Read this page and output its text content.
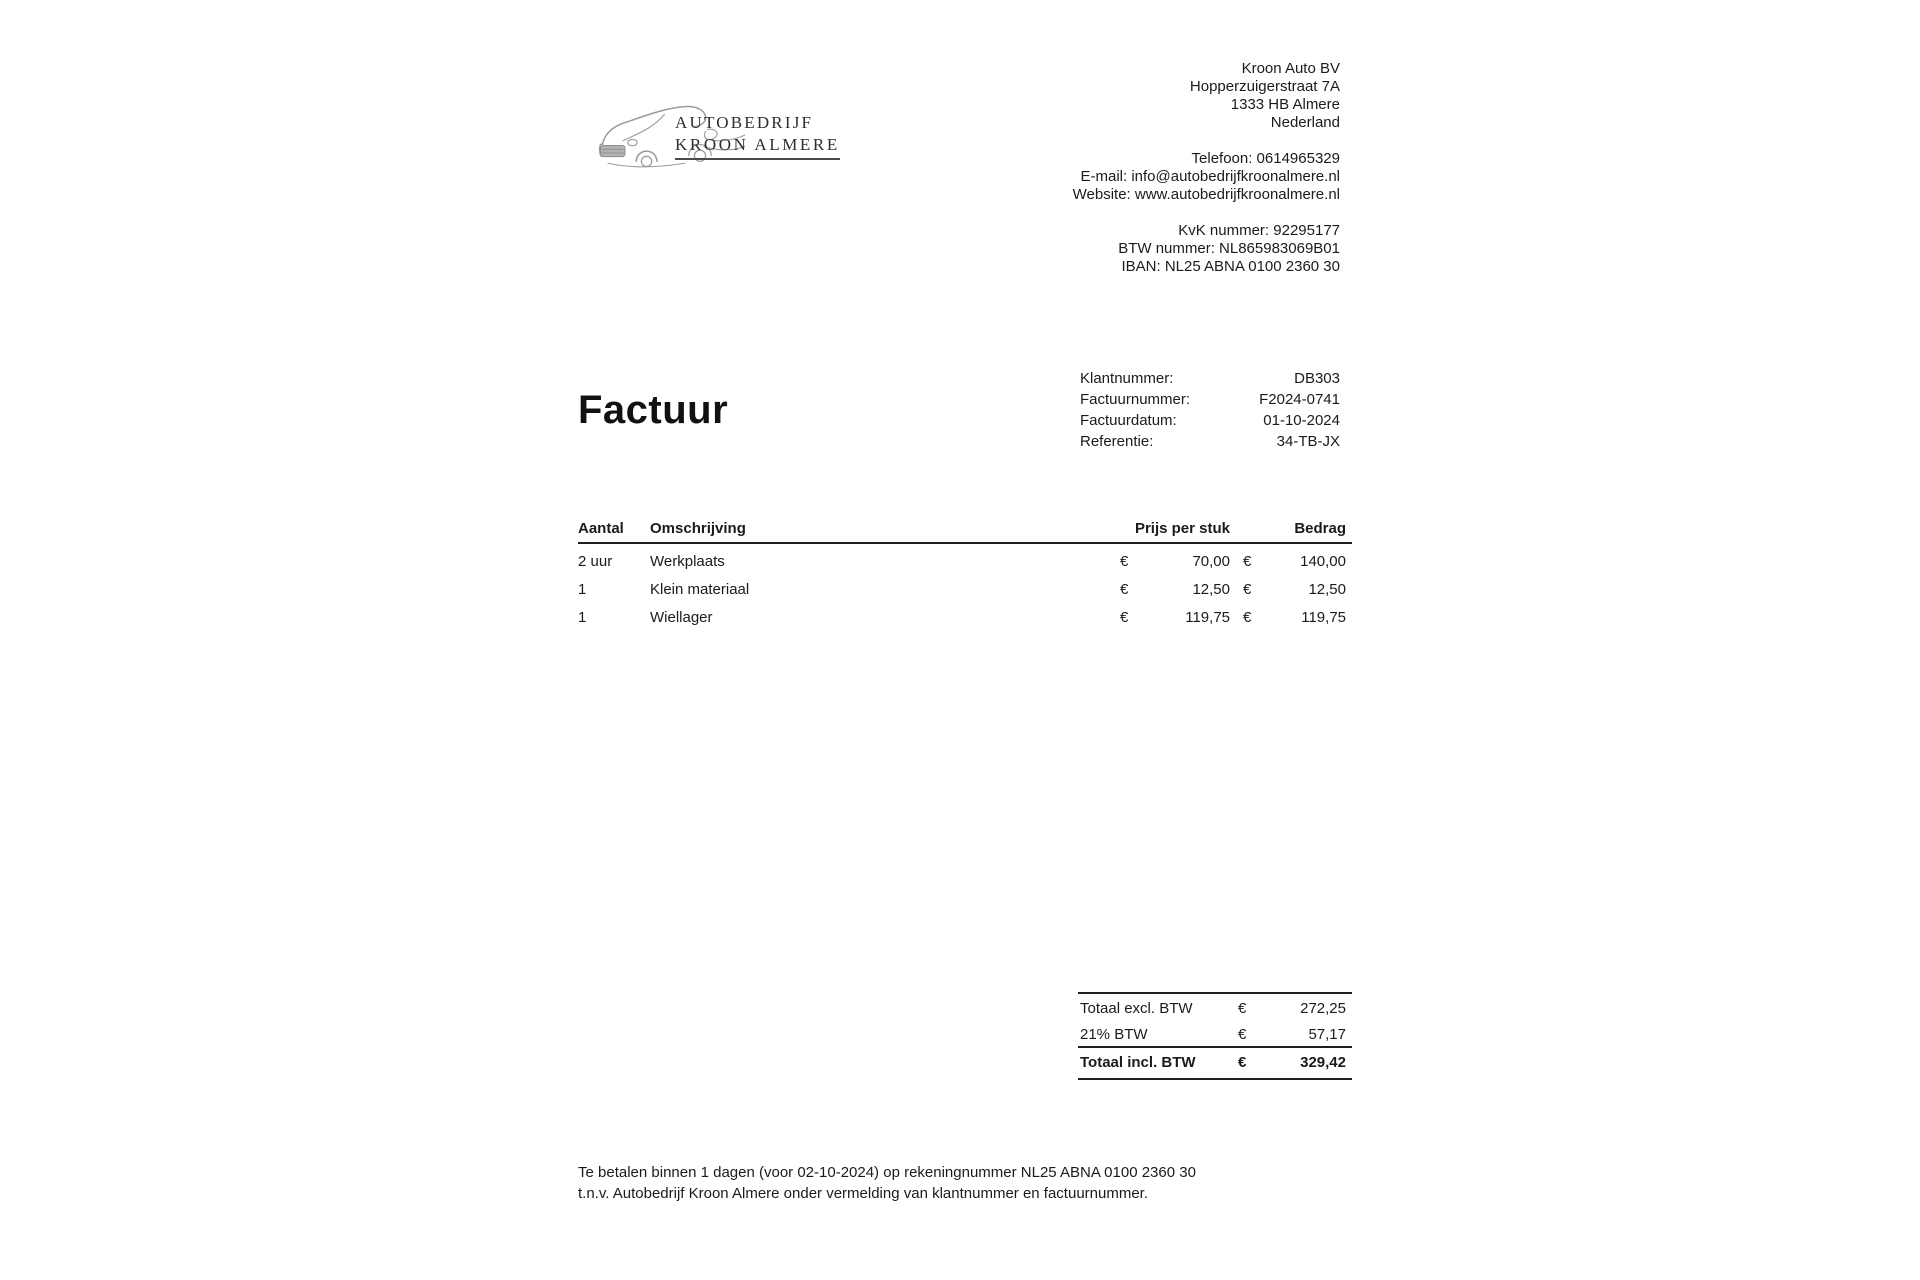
AUTOBEDRIJF
KROON ALMERE
Kroon Auto BV
Hopperzuigerstraat 7A
1333 HB Almere
Nederland
Telefoon: 0614965329
E-mail: info@autobedrijfkroonalmere.nl
Website: www.autobedrijfkroonalmere.nl
KvK nummer: 92295177
BTW nummer: NL865983069B01
IBAN: NL25 ABNA 0100 2360 30
Factuur
Klantnummer:	DB303
Factuurnummer:	F2024-0741
Factuurdatum:	01-10-2024
Referentie:	34-TB-JX
Aantal	Omschrijving	Prijs per stuk	Bedrag
2 uur	Werkplaats	€	70,00 €	140,00
1	Klein materiaal	€	12,50 €	12,50
1	Wiellager	€	119,75 €	119,75
Totaal excl. BTW	€	272,25
21% BTW	€	57,17
Totaal incl. BTW	€	329,42
Te betalen binnen 1 dagen (voor 02-10-2024) op rekeningnummer NL25 ABNA 0100 2360 30
t.n.v. Autobedrijf Kroon Almere onder vermelding van klantnummer en factuurnummer.
